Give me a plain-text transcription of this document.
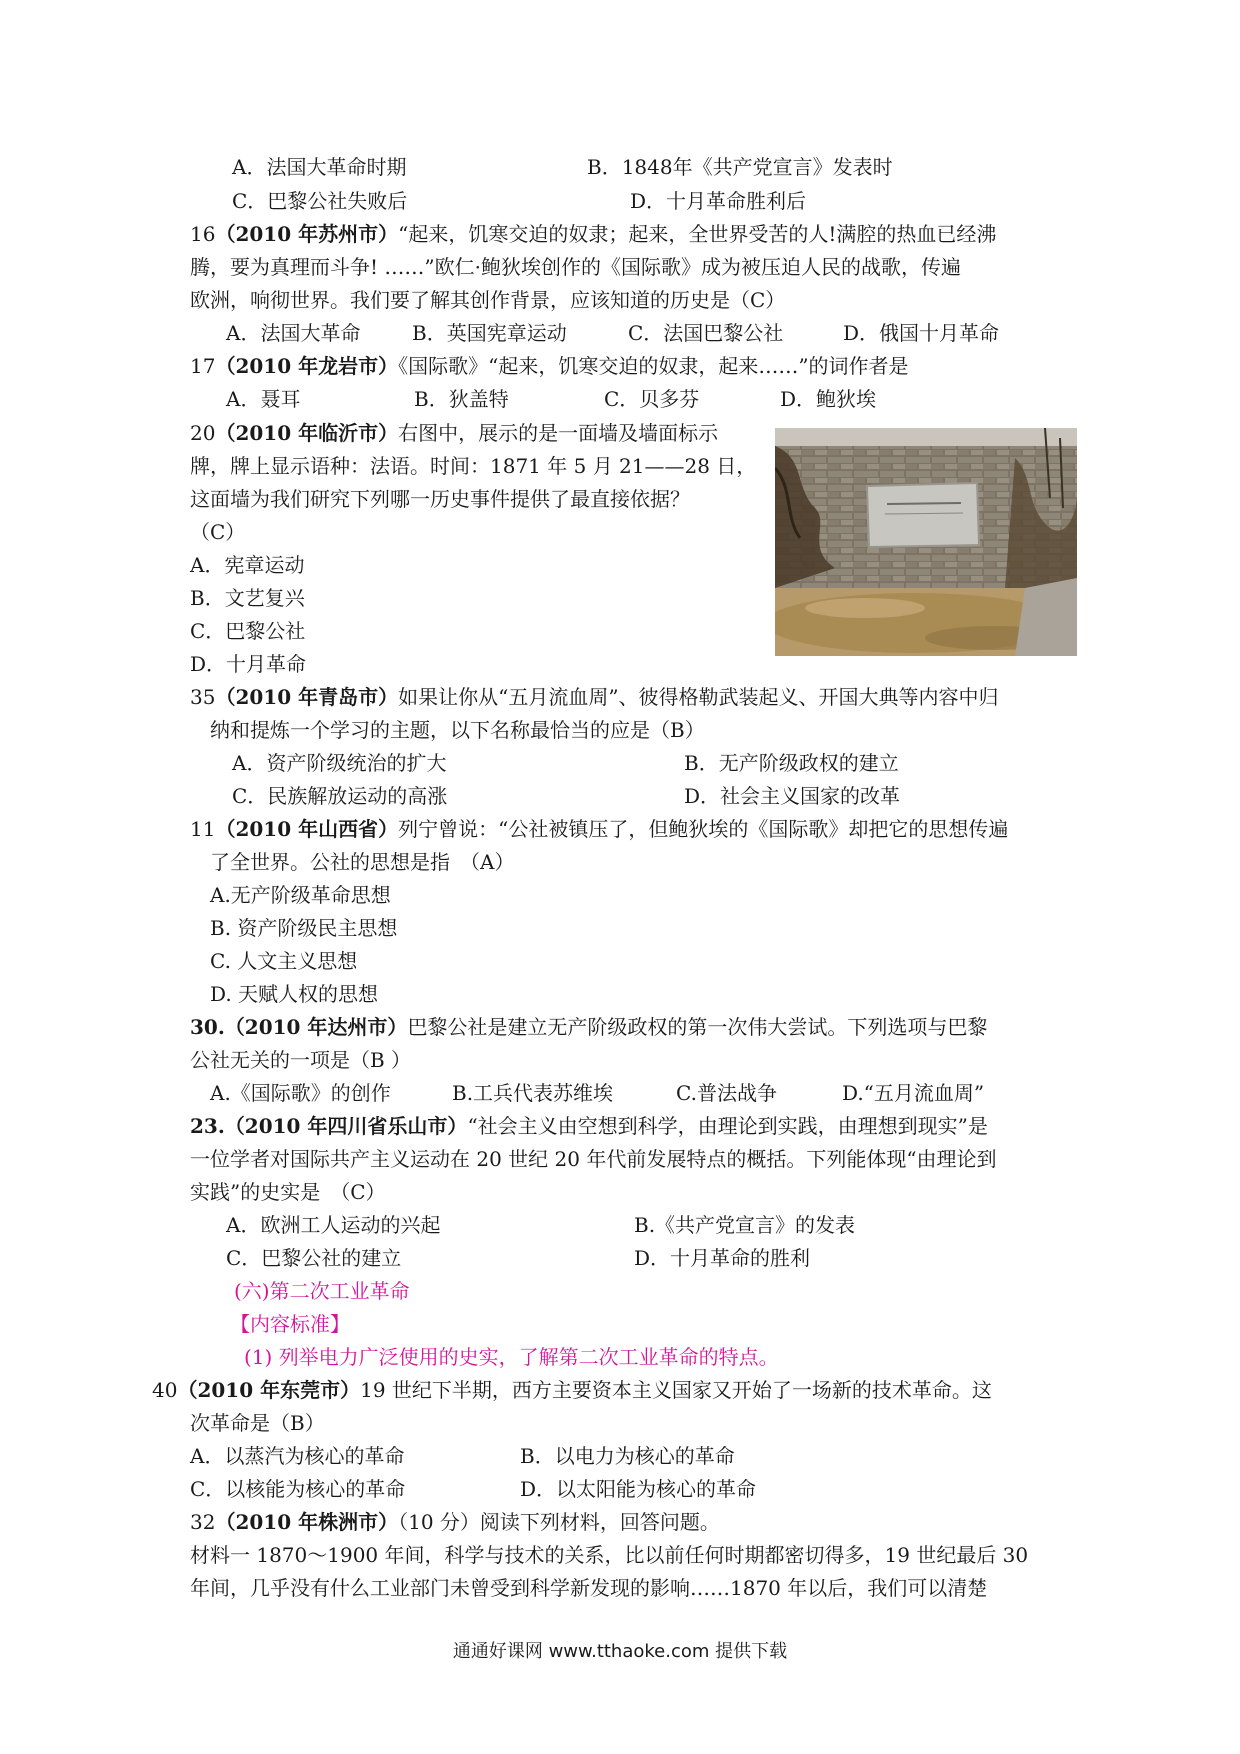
A．法国大革命时期	B．1848年《共产党宣言》发表时
C．巴黎公社失败后	D．十月革命胜利后
16（2010 年苏州市）“起来，饥寒交迫的奴隶；起来，全世界受苦的人!满腔的热血已经沸
腾，要为真理而斗争! ……”欧仁·鲍狄埃创作的《国际歌》成为被压迫人民的战歌，传遍
欧洲，响彻世界。我们要了解其创作背景，应该知道的历史是（C）
A．法国大革命	B．英国宪章运动	C．法国巴黎公社	D．俄国十月革命
17（2010 年龙岩市）《国际歌》“起来，饥寒交迫的奴隶，起来……”的词作者是
A．聂耳	B．狄盖特	C．贝多芬	D．鲍狄埃
20（2010 年临沂市）右图中，展示的是一面墙及墙面标示
牌，牌上显示语种：法语。时间：1871 年 5 月 21——28 日，
这面墙为我们研究下列哪一历史事件提供了最直接依据？
（C）
A．宪章运动
B．文艺复兴
C．巴黎公社
D．十月革命
35（2010 年青岛市）如果让你从“五月流血周”、彼得格勒武装起义、开国大典等内容中归
纳和提炼一个学习的主题，以下名称最恰当的应是（B）
A．资产阶级统治的扩大	B．无产阶级政权的建立
C．民族解放运动的高涨	D．社会主义国家的改革
11（2010 年山西省）列宁曾说：“公社被镇压了，但鲍狄埃的《国际歌》却把它的思想传遍
了全世界。公社的思想是指　（A）
A.无产阶级革命思想
B. 资产阶级民主思想
C. 人文主义思想
D. 天赋人权的思想
30.（2010 年达州市）巴黎公社是建立无产阶级政权的第一次伟大尝试。下列选项与巴黎
公社无关的一项是（B ）
A.《国际歌》的创作	B.工兵代表苏维埃	C.普法战争	D.“五月流血周”
23.（2010 年四川省乐山市）“社会主义由空想到科学，由理论到实践，由理想到现实”是
一位学者对国际共产主义运动在 20 世纪 20 年代前发展特点的概括。下列能体现“由理论到
实践”的史实是　（C）
A．欧洲工人运动的兴起	B.《共产党宣言》的发表
C．巴黎公社的建立	D．十月革命的胜利
(六)第二次工业革命
【内容标准】
(1) 列举电力广泛使用的史实，了解第二次工业革命的特点。
40（2010 年东莞市）19 世纪下半期，西方主要资本主义国家又开始了一场新的技术革命。这
次革命是（B）
A．以蒸汽为核心的革命	B．以电力为核心的革命
C．以核能为核心的革命	D．以太阳能为核心的革命
32（2010 年株洲市）（10 分）阅读下列材料，回答问题。
材料一 1870～1900 年间，科学与技术的关系，比以前任何时期都密切得多，19 世纪最后 30
年间，几乎没有什么工业部门未曾受到科学新发现的影响……1870 年以后，我们可以清楚
通通好课网 www.tthaoke.com 提供下载
